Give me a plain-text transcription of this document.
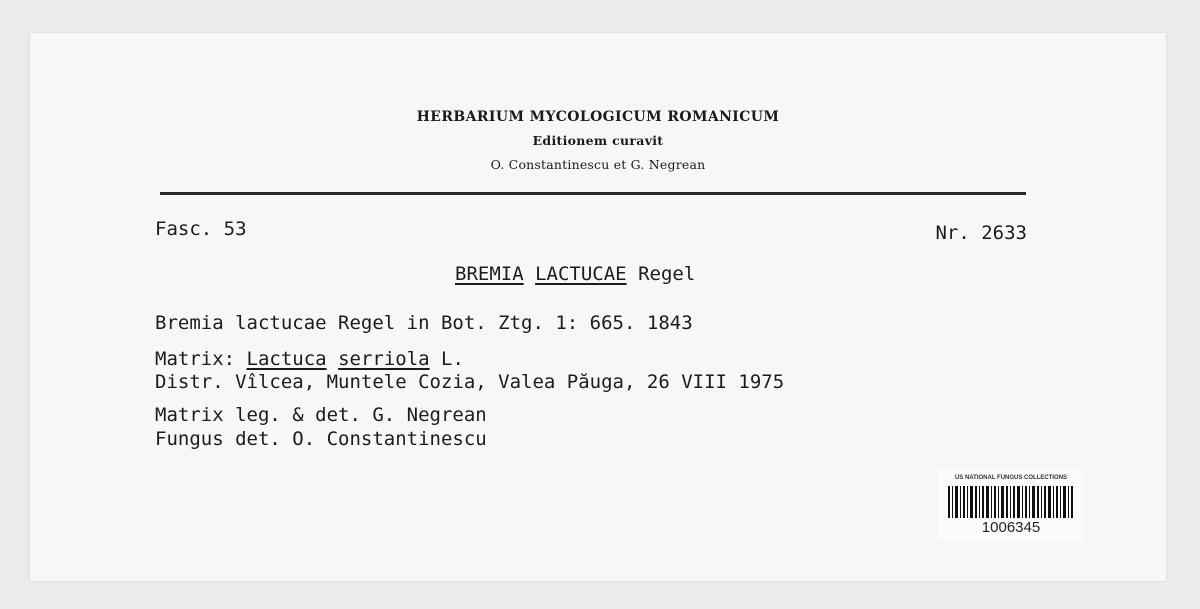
HERBARIUM MYCOLOGICUM ROMANICUM
Editionem curavit
O. Constantinescu et G. Negrean
Fasc. 53	Nr. 2633
BREMIA LACTUCAE Regel
Bremia lactucae Regel in Bot. Ztg. 1: 665. 1843
Matrix: Lactuca serriola L.
Distr. Vîlcea, Muntele Cozia, Valea Păuga, 26 VIII 1975
Matrix leg. & det. G. Negrean
Fungus det. O. Constantinescu
US NATIONAL FUNGUS COLLECTIONS
1006345
